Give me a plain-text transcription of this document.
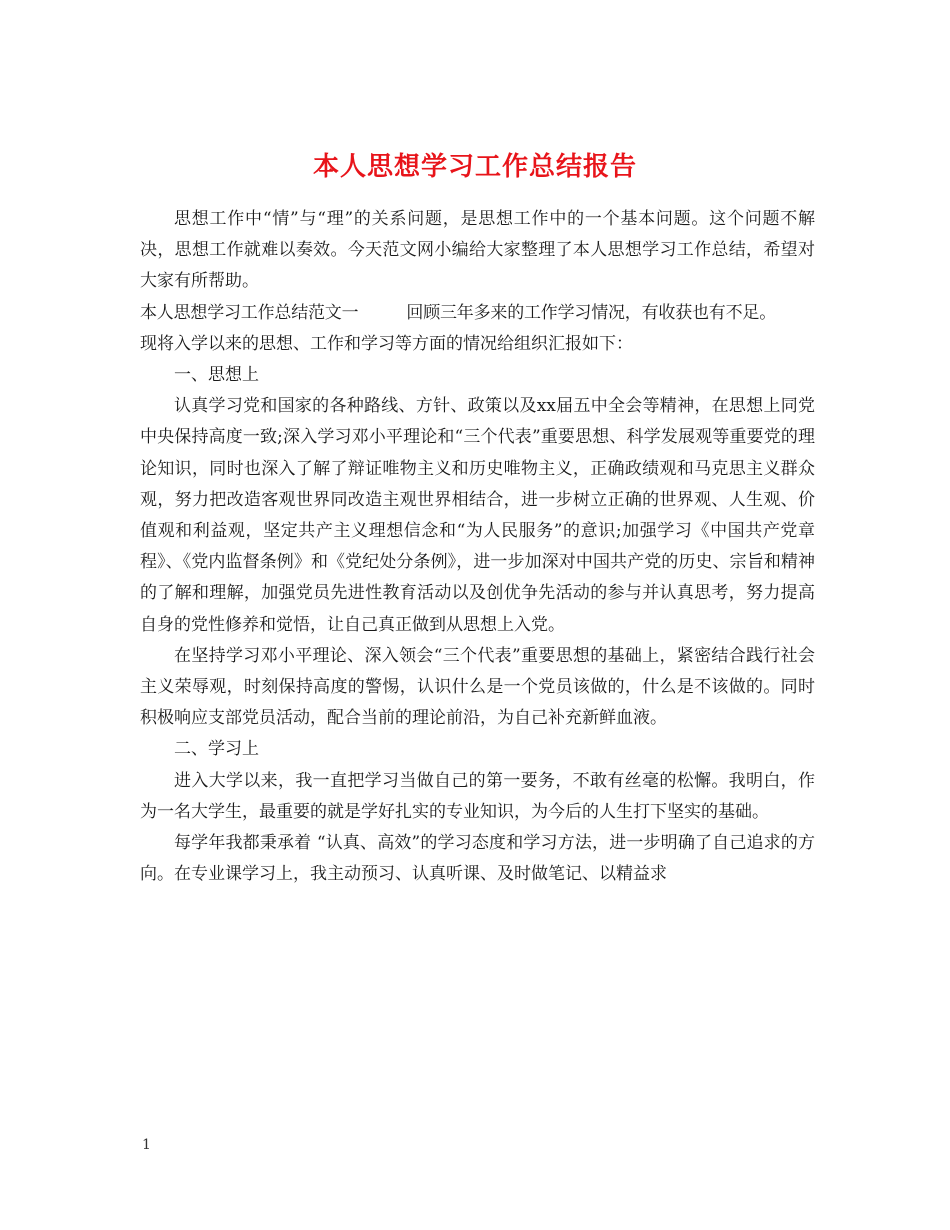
本人思想学习工作总结报告

思想工作中“情”与“理”的关系问题，是思想工作中的一个基本问题。这个问题不解决，思想工作就难以奏效。今天范文网小编给大家整理了本人思想学习工作总结，希望对大家有所帮助。

本人思想学习工作总结范文一	回顾三年多来的工作学习情况，有收获也有不足。

现将入学以来的思想、工作和学习等方面的情况给组织汇报如下：

一、思想上

认真学习党和国家的各种路线、方针、政策以及xx届五中全会等精神，在思想上同党中央保持高度一致;深入学习邓小平理论和“三个代表”重要思想、科学发展观等重要党的理论知识，同时也深入了解了辩证唯物主义和历史唯物主义，正确政绩观和马克思主义群众观，努力把改造客观世界同改造主观世界相结合，进一步树立正确的世界观、人生观、价值观和利益观，坚定共产主义理想信念和“为人民服务”的意识;加强学习《中国共产党章程》、《党内监督条例》和《党纪处分条例》，进一步加深对中国共产党的历史、宗旨和精神的了解和理解，加强党员先进性教育活动以及创优争先活动的参与并认真思考，努力提高自身的党性修养和觉悟，让自己真正做到从思想上入党。

在坚持学习邓小平理论、深入领会“三个代表”重要思想的基础上，紧密结合践行社会主义荣辱观，时刻保持高度的警惕，认识什么是一个党员该做的，什么是不该做的。同时积极响应支部党员活动，配合当前的理论前沿，为自己补充新鲜血液。

二、学习上

进入大学以来，我一直把学习当做自己的第一要务，不敢有丝毫的松懈。我明白，作为一名大学生，最重要的就是学好扎实的专业知识，为今后的人生打下坚实的基础。

每学年我都秉承着 “认真、高效”的学习态度和学习方法，进一步明确了自己追求的方向。在专业课学习上，我主动预习、认真听课、及时做笔记、以精益求

1
